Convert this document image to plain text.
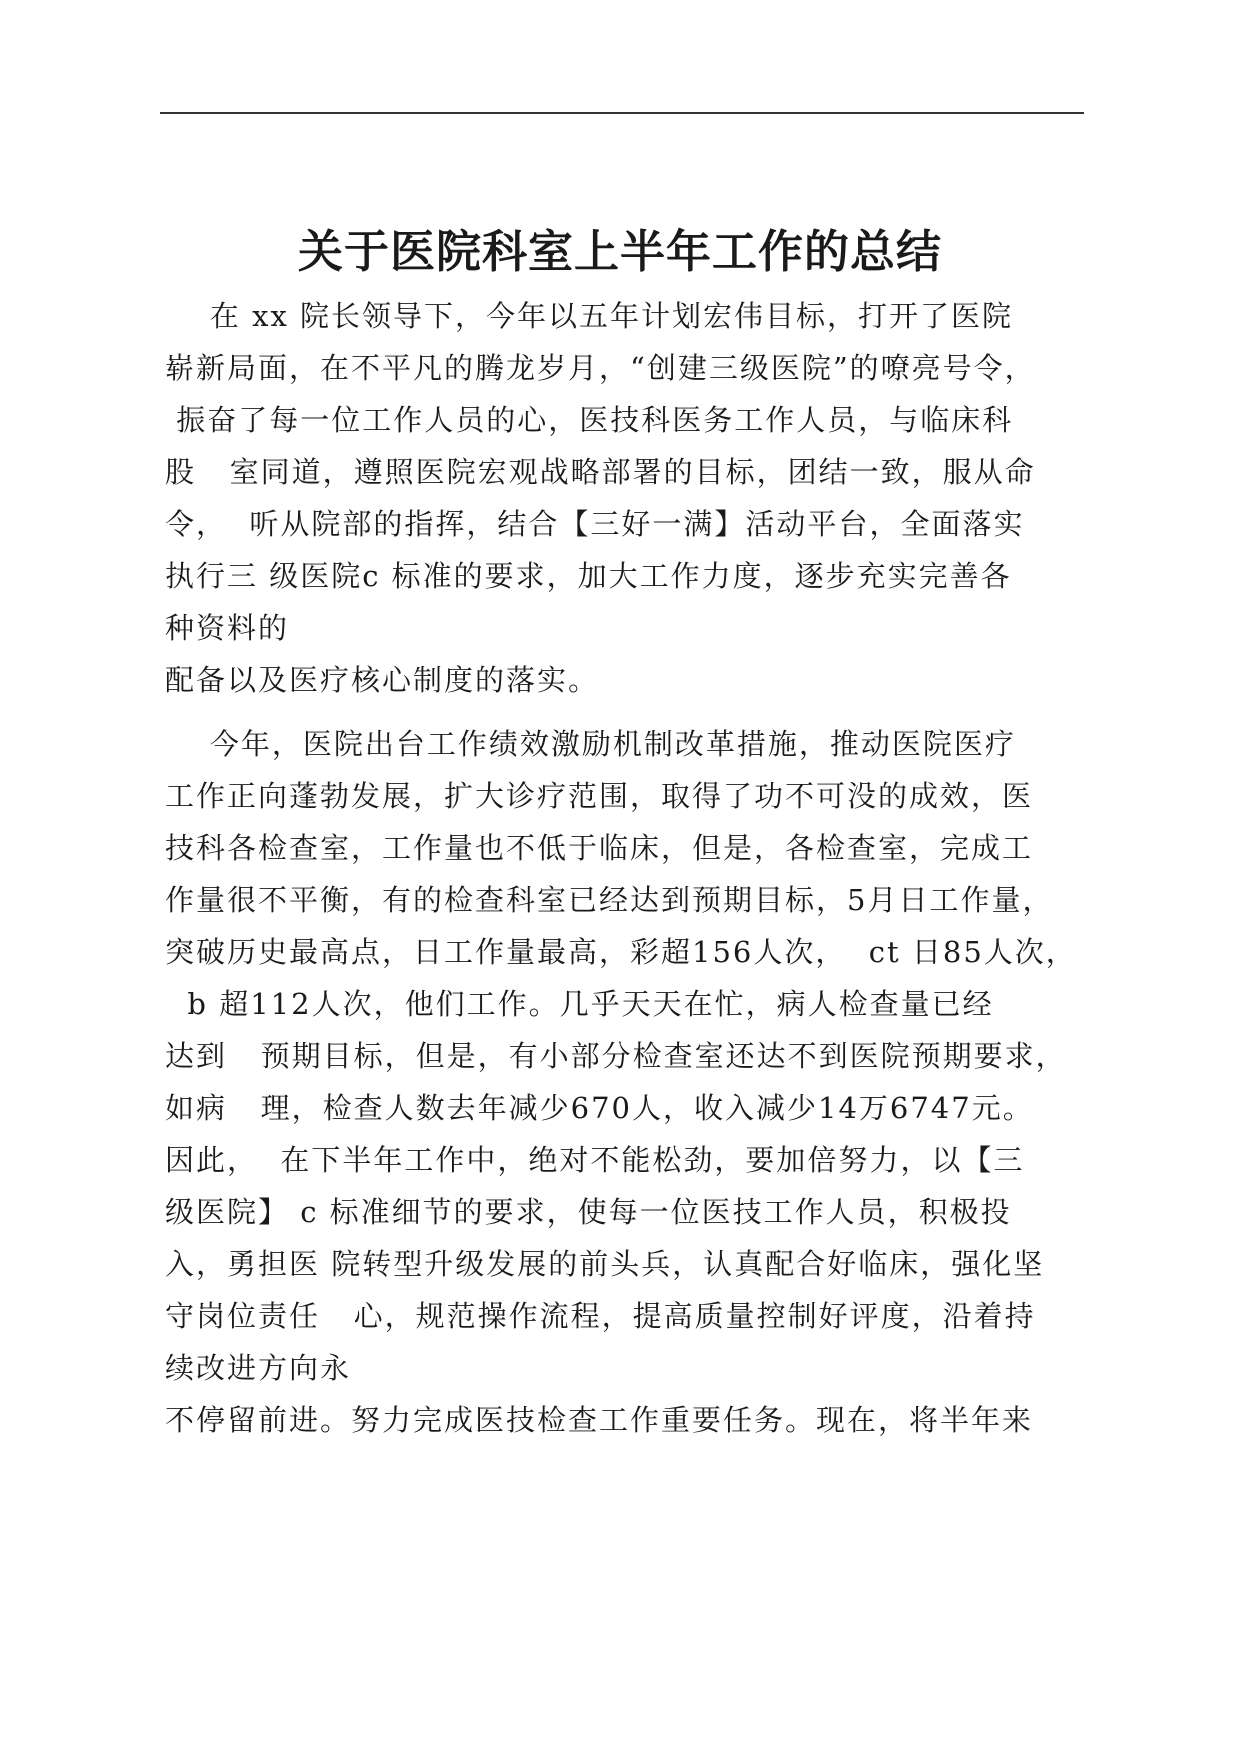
关于医院科室上半年工作的总结
在 xx 院长领导下，今年以五年计划宏伟目标，打开了医院
崭新局面，在不平凡的腾龙岁月，“创建三级医院”的嘹亮号令，
振奋了每一位工作人员的心，医技科医务工作人员，与临床科
股   室同道，遵照医院宏观战略部署的目标，团结一致，服从命
令，  听从院部的指挥，结合【三好一满】活动平台，全面落实
执行三 级医院c 标准的要求，加大工作力度，逐步充实完善各
种资料的
配备以及医疗核心制度的落实。
今年，医院出台工作绩效激励机制改革措施，推动医院医疗
工作正向蓬勃发展，扩大诊疗范围，取得了功不可没的成效，医
技科各检查室，工作量也不低于临床，但是，各检查室，完成工
作量很不平衡，有的检查科室已经达到预期目标，5月日工作量，
突破历史最高点，日工作量最高，彩超156人次，  ct 日85人次，
b 超112人次，他们工作。几乎天天在忙，病人检查量已经
达到   预期目标，但是，有小部分检查室还达不到医院预期要求，
如病   理，检查人数去年减少670人，收入减少14万6747元。
因此，  在下半年工作中，绝对不能松劲，要加倍努力，以【三
级医院】 c 标准细节的要求，使每一位医技工作人员，积极投
入，勇担医 院转型升级发展的前头兵，认真配合好临床，强化坚
守岗位责任   心，规范操作流程，提高质量控制好评度，沿着持
续改进方向永
不停留前进。努力完成医技检查工作重要任务。现在，将半年来
